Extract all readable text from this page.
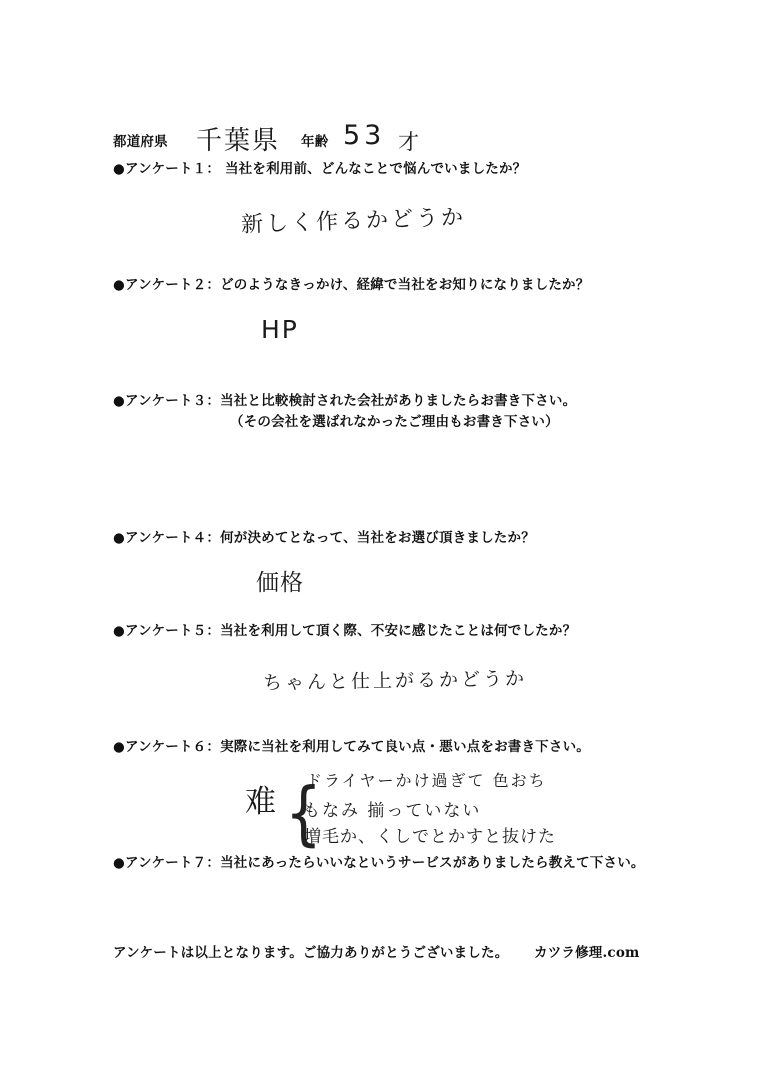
都道府県 千葉県 年齢 53 才
●アンケート１： 当社を利用前、どんなことで悩んでいましたか？
新しく作るかどうか
●アンケート２：どのようなきっかけ、経緯で当社をお知りになりましたか？
HP
●アンケート３：当社と比較検討された会社がありましたらお書き下さい。
（その会社を選ばれなかったご理由もお書き下さい）
●アンケート４：何が決めてとなって、当社をお選び頂きましたか？
価格
●アンケート５：当社を利用して頂く際、不安に感じたことは何でしたか？
ちゃんと仕上がるかどうか
●アンケート６：実際に当社を利用してみて良い点・悪い点をお書き下さい。
难 {
ドライヤーかけ過ぎて 色おち
もなみ 揃っていない
増毛か、くしでとかすと抜けた
●アンケート７：当社にあったらいいなというサービスがありましたら教えて下さい。
アンケートは以上となります。ご協力ありがとうございました。 カツラ修理.com
